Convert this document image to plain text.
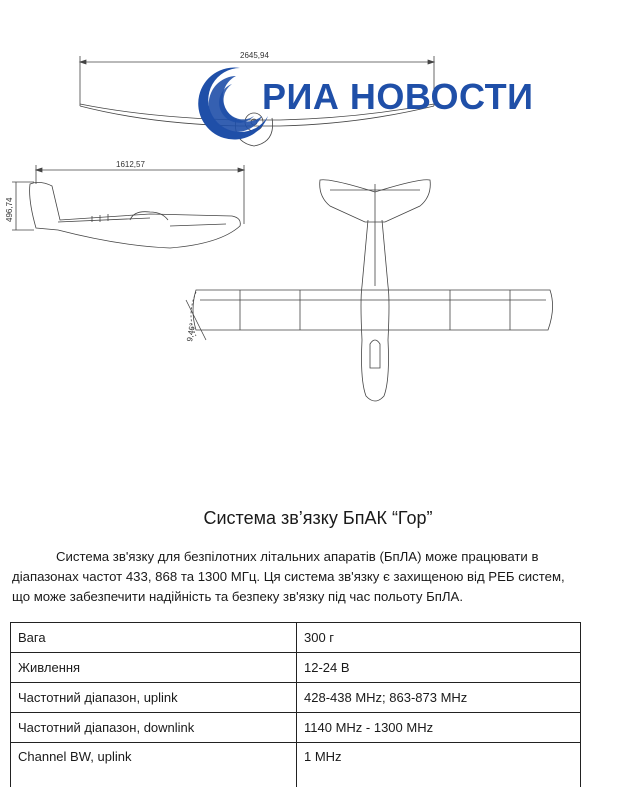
2645,94
1612,57
496,74
9,46°
РИА НОВОСТИ
Система зв’язку БпАК “Гор”

Система зв'язку для безпілотних літальних апаратів (БпЛА) може працювати в діапазонах частот 433, 868 та 1300 МГц. Ця система зв'язку є захищеною від РЕБ систем, що може забезпечити надійність та безпеку зв'язку під час польоту БпЛА.

Вага	300 г
Живлення	12-24 В
Частотний діапазон, uplink	428-438 MHz; 863-873 MHz
Частотний діапазон, downlink	1140 MHz - 1300 MHz
Channel BW, uplink	1 MHz
